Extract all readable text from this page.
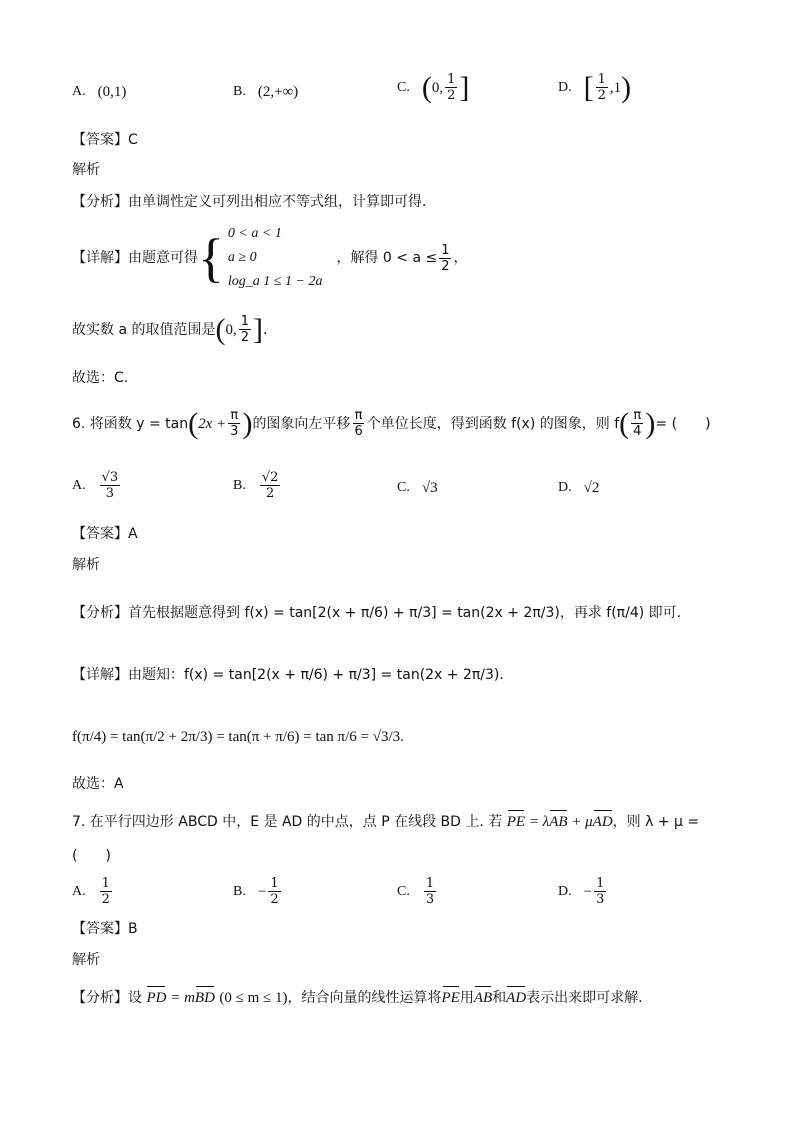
A. (0,1)	B. (2,+∞)	C. ( 0, $\frac{1}{2}$ ]	D. [ $\frac{1}{2} ,1$ )
【答案】C
解析
【分析】由单调性定义可列出相应不等式组，计算即可得.
【详解】 由题意可得 { 0 < a < 1
a ≥ 0
log_a 1 ≤ 1 − 2a
，解得 $0 < a \le \frac{1}{2}$ ，
故实数 a 的取值范围是 ( 0, $\frac{1}{2}$ ] .
故选：C.
6. 将函数 y = tan ( $2x + \frac{\pi}{3}$ ) 的图象向左平移 $\frac{\pi}{6}$ 个单位长度，得到函数 f(x) 的图象，则 f ( $\frac{\pi}{4}$ ) = (　　)
A. $\frac{√3}{3}$	B. $\frac{√2}{2}$	C. √3	D. √2
【答案】A
解析
【分析】首先根据题意得到 f(x) = tan[2(x + π/6) + π/3] = tan(2x + 2π/3)，再求 f(π/4) 即可.
【详解】由题知：f(x) = tan[2(x + π/6) + π/3] = tan(2x + 2π/3).
f(π/4) = tan(π/2 + 2π/3) = tan(π + π/6) = tan π/6 = √3/3.
故选：A
7. 在平行四边形 ABCD 中，E 是 AD 的中点，点 P 在线段 BD 上. 若 PE = λAB + μAD，则 λ + μ =
(　　)
A. $\frac{1}{2}$	B. − $\frac{1}{2}$	C. $\frac{1}{3}$	D. − $\frac{1}{3}$
【答案】B
解析
【分析】设 PD = mBD (0 ≤ m ≤ 1)，结合向量的线性运算将PE用AB和AD表示出来即可求解.
